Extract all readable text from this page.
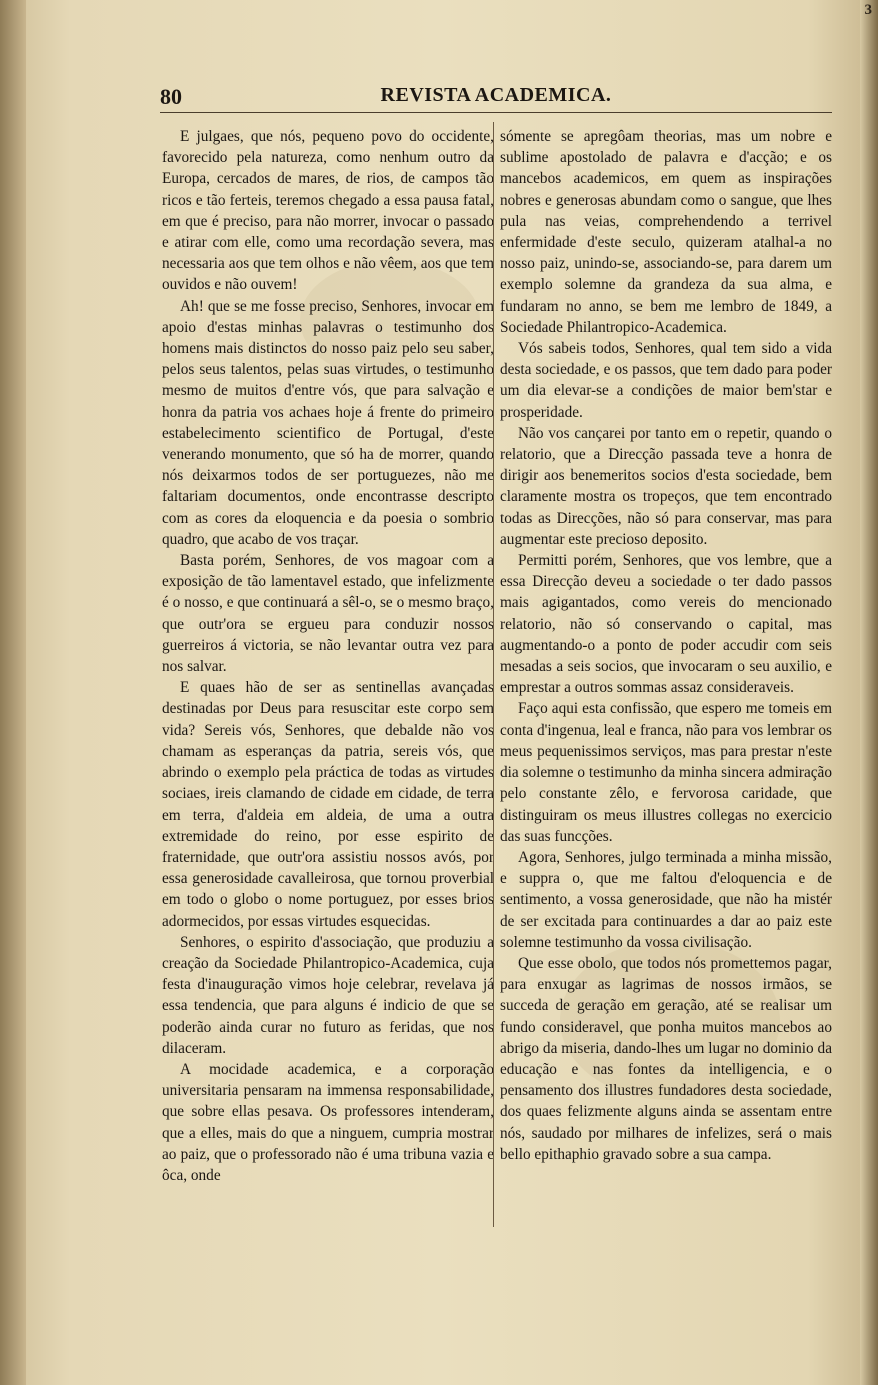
3
80	REVISTA ACADEMICA.

E julgaes, que nós, pequeno povo do occidente, favorecido pela natureza, como nenhum outro da Europa, cercados de mares, de rios, de campos tão ricos e tão ferteis, teremos chegado a essa pausa fatal, em que é preciso, para não morrer, invocar o passado e atirar com elle, como uma recordação severa, mas necessaria aos que tem olhos e não vêem, aos que tem ouvidos e não ouvem!

Ah! que se me fosse preciso, Senhores, invocar em apoio d'estas minhas palavras o testimunho dos homens mais distinctos do nosso paiz pelo seu saber, pelos seus talentos, pelas suas virtudes, o testimunho mesmo de muitos d'entre vós, que para salvação e honra da patria vos achaes hoje á frente do primeiro estabelecimento scientifico de Portugal, d'este venerando monumento, que só ha de morrer, quando nós deixarmos todos de ser portuguezes, não me faltariam documentos, onde encontrasse descripto com as cores da eloquencia e da poesia o sombrio quadro, que acabo de vos traçar.

Basta porém, Senhores, de vos magoar com a exposição de tão lamentavel estado, que infelizmente é o nosso, e que continuará a sêl-o, se o mesmo braço, que outr'ora se ergueu para conduzir nossos guerreiros á victoria, se não levantar outra vez para nos salvar.

E quaes hão de ser as sentinellas avançadas destinadas por Deus para resuscitar este corpo sem vida? Sereis vós, Senhores, que debalde não vos chamam as esperanças da patria, sereis vós, que abrindo o exemplo pela práctica de todas as virtudes sociaes, ireis clamando de cidade em cidade, de terra em terra, d'aldeia em aldeia, de uma a outra extremidade do reino, por esse espirito de fraternidade, que outr'ora assistiu nossos avós, por essa generosidade cavalleirosa, que tornou proverbial em todo o globo o nome portuguez, por esses brios adormecidos, por essas virtudes esquecidas.

Senhores, o espirito d'associação, que produziu a creação da Sociedade Philantropico-Academica, cuja festa d'inauguração vimos hoje celebrar, revelava já essa tendencia, que para alguns é indicio de que se poderão ainda curar no futuro as feridas, que nos dilaceram.

A mocidade academica, e a corporação universitaria pensaram na immensa responsabilidade, que sobre ellas pesava. Os professores intenderam, que a elles, mais do que a ninguem, cumpria mostrar ao paiz, que o professorado não é uma tribuna vazia e ôca, onde

sómente se apregôam theorias, mas um nobre e sublime apostolado de palavra e d'acção; e os mancebos academicos, em quem as inspirações nobres e generosas abundam como o sangue, que lhes pula nas veias, comprehendendo a terrivel enfermidade d'este seculo, quizeram atalhal-a no nosso paiz, unindo-se, associando-se, para darem um exemplo solemne da grandeza da sua alma, e fundaram no anno, se bem me lembro de 1849, a Sociedade Philantropico-Academica.

Vós sabeis todos, Senhores, qual tem sido a vida desta sociedade, e os passos, que tem dado para poder um dia elevar-se a condições de maior bem'star e prosperidade.

Não vos cançarei por tanto em o repetir, quando o relatorio, que a Direcção passada teve a honra de dirigir aos benemeritos socios d'esta sociedade, bem claramente mostra os tropeços, que tem encontrado todas as Direcções, não só para conservar, mas para augmentar este precioso deposito.

Permitti porém, Senhores, que vos lembre, que a essa Direcção deveu a sociedade o ter dado passos mais agigantados, como vereis do mencionado relatorio, não só conservando o capital, mas augmentando-o a ponto de poder accudir com seis mesadas a seis socios, que invocaram o seu auxilio, e emprestar a outros sommas assaz consideraveis.

Faço aqui esta confissão, que espero me tomeis em conta d'ingenua, leal e franca, não para vos lembrar os meus pequenissimos serviços, mas para prestar n'este dia solemne o testimunho da minha sincera admiração pelo constante zêlo, e fervorosa caridade, que distinguiram os meus illustres collegas no exercicio das suas funcções.

Agora, Senhores, julgo terminada a minha missão, e suppra o, que me faltou d'eloquencia e de sentimento, a vossa generosidade, que não ha mistér de ser excitada para continuardes a dar ao paiz este solemne testimunho da vossa civilisação.

Que esse obolo, que todos nós promettemos pagar, para enxugar as lagrimas de nossos irmãos, se succeda de geração em geração, até se realisar um fundo consideravel, que ponha muitos mancebos ao abrigo da miseria, dando-lhes um lugar no dominio da educação e nas fontes da intelligencia, e o pensamento dos illustres fundadores desta sociedade, dos quaes felizmente alguns ainda se assentam entre nós, saudado por milhares de infelizes, será o mais bello epithaphio gravado sobre a sua campa.
